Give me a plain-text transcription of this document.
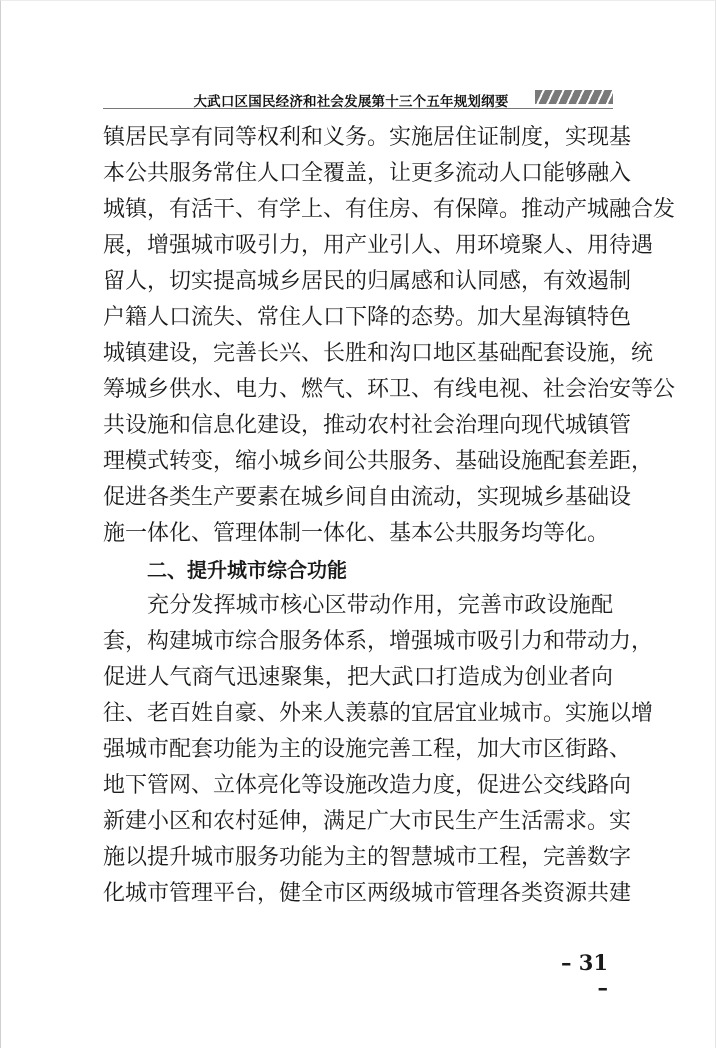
大武口区国民经济和社会发展第十三个五年规划纲要
镇居民享有同等权利和义务。实施居住证制度，实现基
本公共服务常住人口全覆盖，让更多流动人口能够融入
城镇，有活干、有学上、有住房、有保障。推动产城融合发
展，增强城市吸引力，用产业引人、用环境聚人、用待遇
留人，切实提高城乡居民的归属感和认同感，有效遏制
户籍人口流失、常住人口下降的态势。加大星海镇特色
城镇建设，完善长兴、长胜和沟口地区基础配套设施，统
筹城乡供水、电力、燃气、环卫、有线电视、社会治安等公
共设施和信息化建设，推动农村社会治理向现代城镇管
理模式转变，缩小城乡间公共服务、基础设施配套差距，
促进各类生产要素在城乡间自由流动，实现城乡基础设
施一体化、管理体制一体化、基本公共服务均等化。
二、提升城市综合功能
充分发挥城市核心区带动作用，完善市政设施配
套，构建城市综合服务体系，增强城市吸引力和带动力，
促进人气商气迅速聚集，把大武口打造成为创业者向
往、老百姓自豪、外来人羡慕的宜居宜业城市。实施以增
强城市配套功能为主的设施完善工程，加大市区街路、
地下管网、立体亮化等设施改造力度，促进公交线路向
新建小区和农村延伸，满足广大市民生产生活需求。实
施以提升城市服务功能为主的智慧城市工程，完善数字
化城市管理平台，健全市区两级城市管理各类资源共建
– 31 –
